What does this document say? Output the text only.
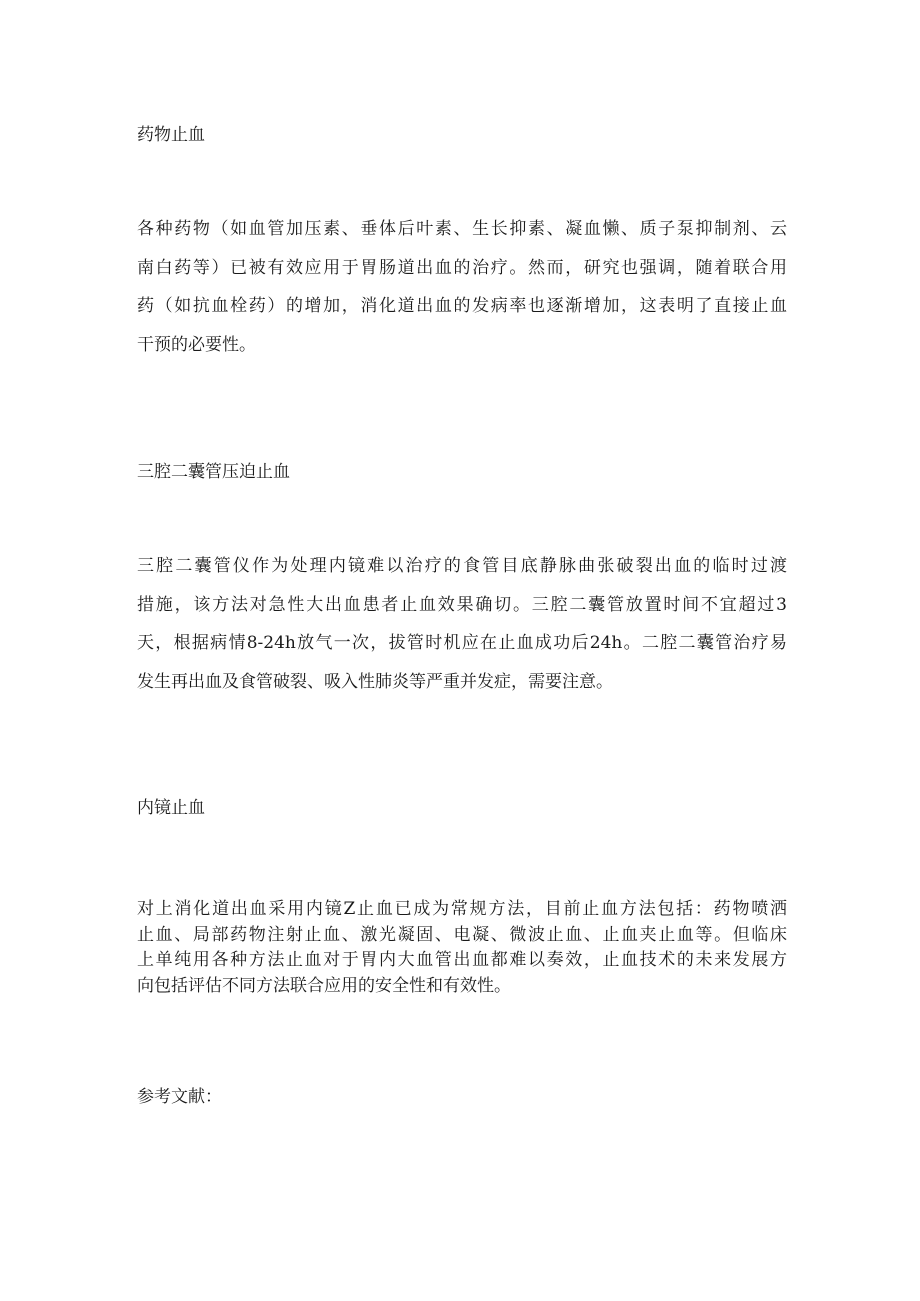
药物止血
各种药物（如血管加压素、垂体后叶素、生长抑素、凝血懒、质子泵抑制剂、云
南白药等）已被有效应用于胃肠道出血的治疗。然而，研究也强调，随着联合用
药（如抗血栓药）的增加，消化道出血的发病率也逐渐增加，这表明了直接止血
干预的必要性。
三腔二囊管压迫止血
三腔二囊管仪作为处理内镜难以治疗的食管目底静脉曲张破裂出血的临时过渡
措施，该方法对急性大出血患者止血效果确切。三腔二囊管放置时间不宜超过3
天，根据病情8-24h放气一次，拔管时机应在止血成功后24h。二腔二囊管治疗易
发生再出血及食管破裂、吸入性肺炎等严重并发症，需要注意。
内镜止血
对上消化道出血采用内镜Z止血已成为常规方法，目前止血方法包括：药物喷洒
止血、局部药物注射止血、激光凝固、电凝、微波止血、止血夹止血等。但临床
上单纯用各种方法止血对于胃内大血管出血都难以奏效，止血技术的未来发展方
向包括评估不同方法联合应用的安全性和有效性。
参考文献：
